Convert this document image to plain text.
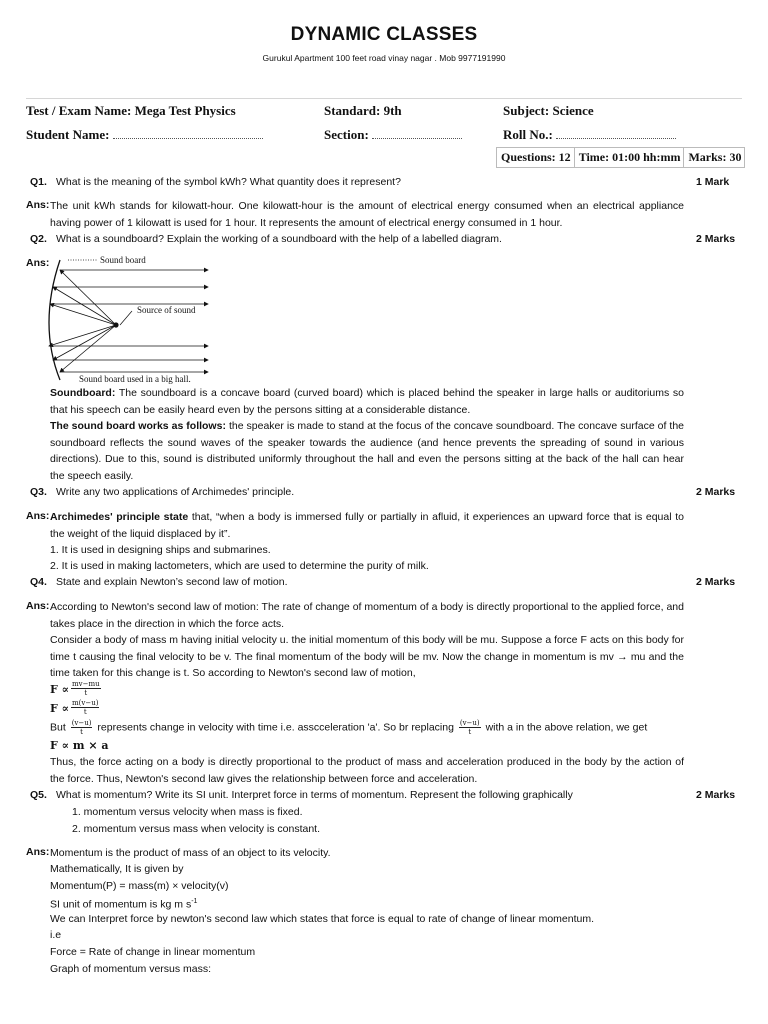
DYNAMIC CLASSES
Gurukul Apartment 100 feet road vinay nagar . Mob 9977191990
Test / Exam Name: Mega Test Physics	Standard: 9th	Subject: Science
Student Name:	Section:	Roll No.:
Questions: 12 Time: 01:00 hh:mm Marks: 30
Q1. What is the meaning of the symbol kWh? What quantity does it represent?	1 Mark
Ans: The unit kWh stands for kilowatt-hour. One kilowatt-hour is the amount of electrical energy consumed when an electrical appliance having power of 1 kilowatt is used for 1 hour. It represents the amount of electrical energy consumed in 1 hour.
Q2. What is a soundboard? Explain the working of a soundboard with the help of a labelled diagram.	2 Marks
Ans:	Sound board
Source of sound
Sound board used in a big hall.
Soundboard: The soundboard is a concave board (curved board) which is placed behind the speaker in large halls or auditoriums so that his speech can be easily heard even by the persons sitting at a considerable distance.
The sound board works as follows: the speaker is made to stand at the focus of the concave soundboard. The concave surface of the soundboard reflects the sound waves of the speaker towards the audience (and hence prevents the spreading of sound in various directions). Due to this, sound is distributed uniformly throughout the hall and even the persons sitting at the back of the hall can hear the speech easily.
Q3. Write any two applications of Archimedes' principle.	2 Marks
Ans: Archimedes' principle state that, “when a body is immersed fully or partially in afluid, it experiences an upward force that is equal to the weight of the liquid displaced by it”.
1. It is used in designing ships and submarines.
2. It is used in making lactometers, which are used to determine the purity of milk.
Q4. State and explain Newton’s second law of motion.	2 Marks
Ans: According to Newton's second law of motion: The rate of change of momentum of a body is directly proportional to the applied force, and takes place in the direction in which the force acts.
Consider a body of mass m having initial velocity u. the initial momentum of this body will be mu. Suppose a force F acts on this body for time t causing the final velocity to be v. The final momentum of the body will be mv. Now the change in momentum is mv → mu and the time taken for this change is t. So according to Newton's second law of motion,
$F \propto \frac{mv-mu}{t}$
$F \propto \frac{m(v-u)}{t}$
But $\frac{(v-u)}{t}$ represents change in velocity with time i.e. asscceleration 'a'. So br replacing $\frac{(v-u)}{t}$ with a in the above relation, we get
F ∝ m × a
Thus, the force acting on a body is directly proportional to the product of mass and acceleration produced in the body by the action of the force. Thus, Newton's second law gives the relationship between force and acceleration.
Q5. What is momentum? Write its SI unit. Interpret force in terms of momentum. Represent the following graphically	2 Marks
1. momentum versus velocity when mass is fixed.
2. momentum versus mass when velocity is constant.
Ans: Momentum is the product of mass of an object to its velocity.
Mathematically, It is given by
Momentum(P) = mass(m) × velocity(v)
SI unit of momentum is kg m $s^{-1}$
We can Interpret force by newton's second law which states that force is equal to rate of change of linear momentum.
i.e
Force = Rate of change in linear momentum
Graph of momentum versus mass:
